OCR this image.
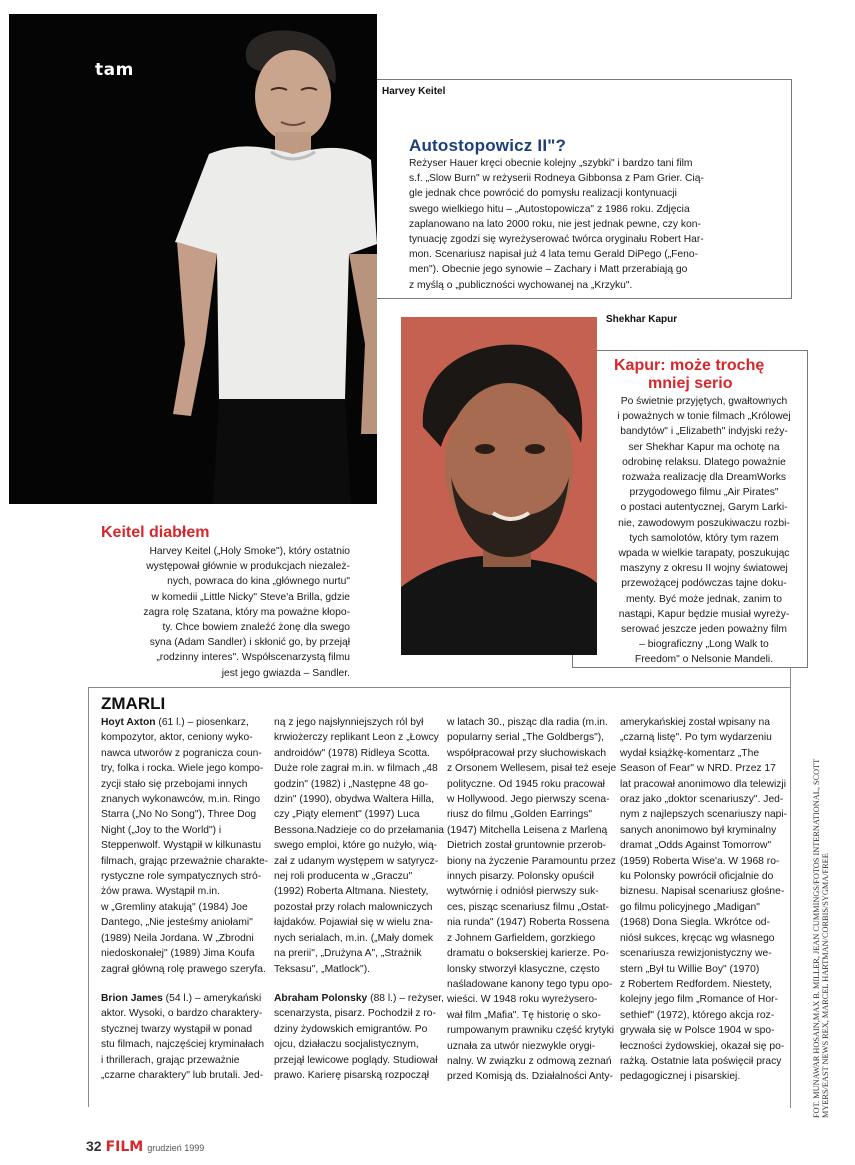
tam
Harvey Keitel
Autostopowicz II"?
Reżyser Hauer kręci obecnie kolejny „szybki" i bardzo tani film
s.f. „Slow Burn" w reżyserii Rodneya Gibbonsa z Pam Grier. Cią-
gle jednak chce powrócić do pomysłu realizacji kontynuacji
swego wielkiego hitu – „Autostopowicza" z 1986 roku. Zdjęcia
zaplanowano na lato 2000 roku, nie jest jednak pewne, czy kon-
tynuację zgodzi się wyreżyserować twórca oryginału Robert Har-
mon. Scenariusz napisał już 4 lata temu Gerald DiPego („Feno-
men"). Obecnie jego synowie – Zachary i Matt przerabiają go
z myślą o „publiczności wychowanej na „Krzyku".
Shekhar Kapur
Kapur: może trochę
mniej serio
Po świetnie przyjętych, gwałtownych
i poważnych w tonie filmach „Królowej
bandytów" i „Elizabeth" indyjski reży-
ser Shekhar Kapur ma ochotę na
odrobinę relaksu. Dlatego poważnie
rozważa realizację dla DreamWorks
przygodowego filmu „Air Pirates"
o postaci autentycznej, Garym Larki-
nie, zawodowym poszukiwaczu rozbi-
tych samolotów, który tym razem
wpada w wielkie tarapaty, poszukując
maszyny z okresu II wojny światowej
przewożącej podówczas tajne doku-
menty. Być może jednak, zanim to
nastąpi, Kapur będzie musiał wyreży-
serować jeszcze jeden poważny film
– biograficzny „Long Walk to
Freedom" o Nelsonie Mandeli.
Keitel diabłem
Harvey Keitel („Holy Smoke"), który ostatnio
występował głównie w produkcjach niezależ-
nych, powraca do kina „głównego nurtu"
w komedii „Little Nicky" Steve'a Brilla, gdzie
zagra rolę Szatana, który ma poważne kłopo-
ty. Chce bowiem znaleźć żonę dla swego
syna (Adam Sandler) i skłonić go, by przejął
„rodzinny interes". Współscenarzystą filmu
jest jego gwiazda – Sandler.
ZMARLI

Hoyt Axton (61 l.) – piosenkarz,
kompozytor, aktor, ceniony wyko-
nawca utworów z pogranicza coun-
try, folka i rocka. Wiele jego kompo-
zycji stało się przebojami innych
znanych wykonawców, m.in. Ringo
Starra („No No Song"), Three Dog
Night („Joy to the World") i
Steppenwolf. Wystąpił w kilkunastu
filmach, grając przeważnie charakte-
rystyczne role sympatycznych stró-
żów prawa. Wystąpił m.in.
w „Gremliny atakują" (1984) Joe
Dantego, „Nie jesteśmy aniołami"
(1989) Neila Jordana. W „Zbrodni
niedoskonałej" (1989) Jima Koufa
zagrał główną rolę prawego szeryfa.

Brion James (54 l.) – amerykański
aktor. Wysoki, o bardzo charaktery-
stycznej twarzy wystąpił w ponad
stu filmach, najczęściej kryminałach
i thrillerach, grając przeważnie
„czarne charaktery" lub brutali. Jed-

ną z jego najsłynniejszych ról był
krwiożerczy replikant Leon z „Łowcy
androidów" (1978) Ridleya Scotta.
Duże role zagrał m.in. w filmach „48
godzin" (1982) i „Następne 48 go-
dzin" (1990), obydwa Waltera Hilla,
czy „Piąty element" (1997) Luca
Bessona.Nadzieje co do przełamania
swego emploi, które go nużyło, wią-
zał z udanym występem w satyrycz-
nej roli producenta w „Graczu"
(1992) Roberta Altmana. Niestety,
pozostał przy rolach malowniczych
łajdaków. Pojawiał się w wielu zna-
nych serialach, m.in. („Mały domek
na prerii", „Drużyna A", „Strażnik
Teksasu", „Matlock").

Abraham Polonsky (88 l.) – reżyser,
scenarzysta, pisarz. Pochodził z ro-
dziny żydowskich emigrantów. Po
ojcu, działaczu socjalistycznym,
przejął lewicowe poglądy. Studiował
prawo. Karierę pisarską rozpoczął

w latach 30., pisząc dla radia (m.in.
popularny serial „The Goldbergs"),
współpracował przy słuchowiskach
z Orsonem Wellesem, pisał też eseje
polityczne. Od 1945 roku pracował
w Hollywood. Jego pierwszy scena-
riusz do filmu „Golden Earrings"
(1947) Mitchella Leisena z Marleną
Dietrich został gruntownie przerob-
biony na życzenie Paramountu przez
innych pisarzy. Polonsky opuścił
wytwórnię i odniósł pierwszy suk-
ces, pisząc scenariusz filmu „Ostat-
nia runda" (1947) Roberta Rossena
z Johnem Garfieldem, gorzkiego
dramatu o bokserskiej karierze. Po-
lonsky stworzył klasyczne, często
naśladowane kanony tego typu opo-
wieści. W 1948 roku wyreżysero-
wał film „Mafia". Tę historię o sko-
rumpowanym prawniku część krytyki
uznała za utwór niezwykle orygi-
nalny. W związku z odmową zeznań
przed Komisją ds. Działalności Anty-

amerykańskiej został wpisany na
„czarną listę". Po tym wydarzeniu
wydał książkę-komentarz „The
Season of Fear" w NRD. Przez 17
lat pracował anonimowo dla telewizji
oraz jako „doktor scenariuszy". Jed-
nym z najlepszych scenariuszy napi-
sanych anonimowo był kryminalny
dramat „Odds Against Tomorrow"
(1959) Roberta Wise'a. W 1968 ro-
ku Polonsky powrócił oficjalnie do
biznesu. Napisał scenariusz głośne-
go filmu policyjnego „Madigan"
(1968) Dona Siegla. Wkrótce od-
niósł sukces, kręcąc wg własnego
scenariusza rewizjonistyczny we-
stern „Był tu Willie Boy" (1970)
z Robertem Redfordem. Niestety,
kolejny jego film „Romance of Hor-
sethief" (1972), którego akcja roz-
grywała się w Polsce 1904 w spo-
łeczności żydowskiej, okazał się po-
rażką. Ostatnie lata poświęcił pracy
pedagogicznej i pisarskiej.	FOT. MUNAWAR HOSAIN,MAX B. MILLER, JEAN CUMMINGS/FOTOS INTERNATIONAL, SCOTT MYERS/EAST NEWS REX, MARCEL HARTMAN/CORBIS/SYGMA/FREE
32 FILM grudzień 1999
